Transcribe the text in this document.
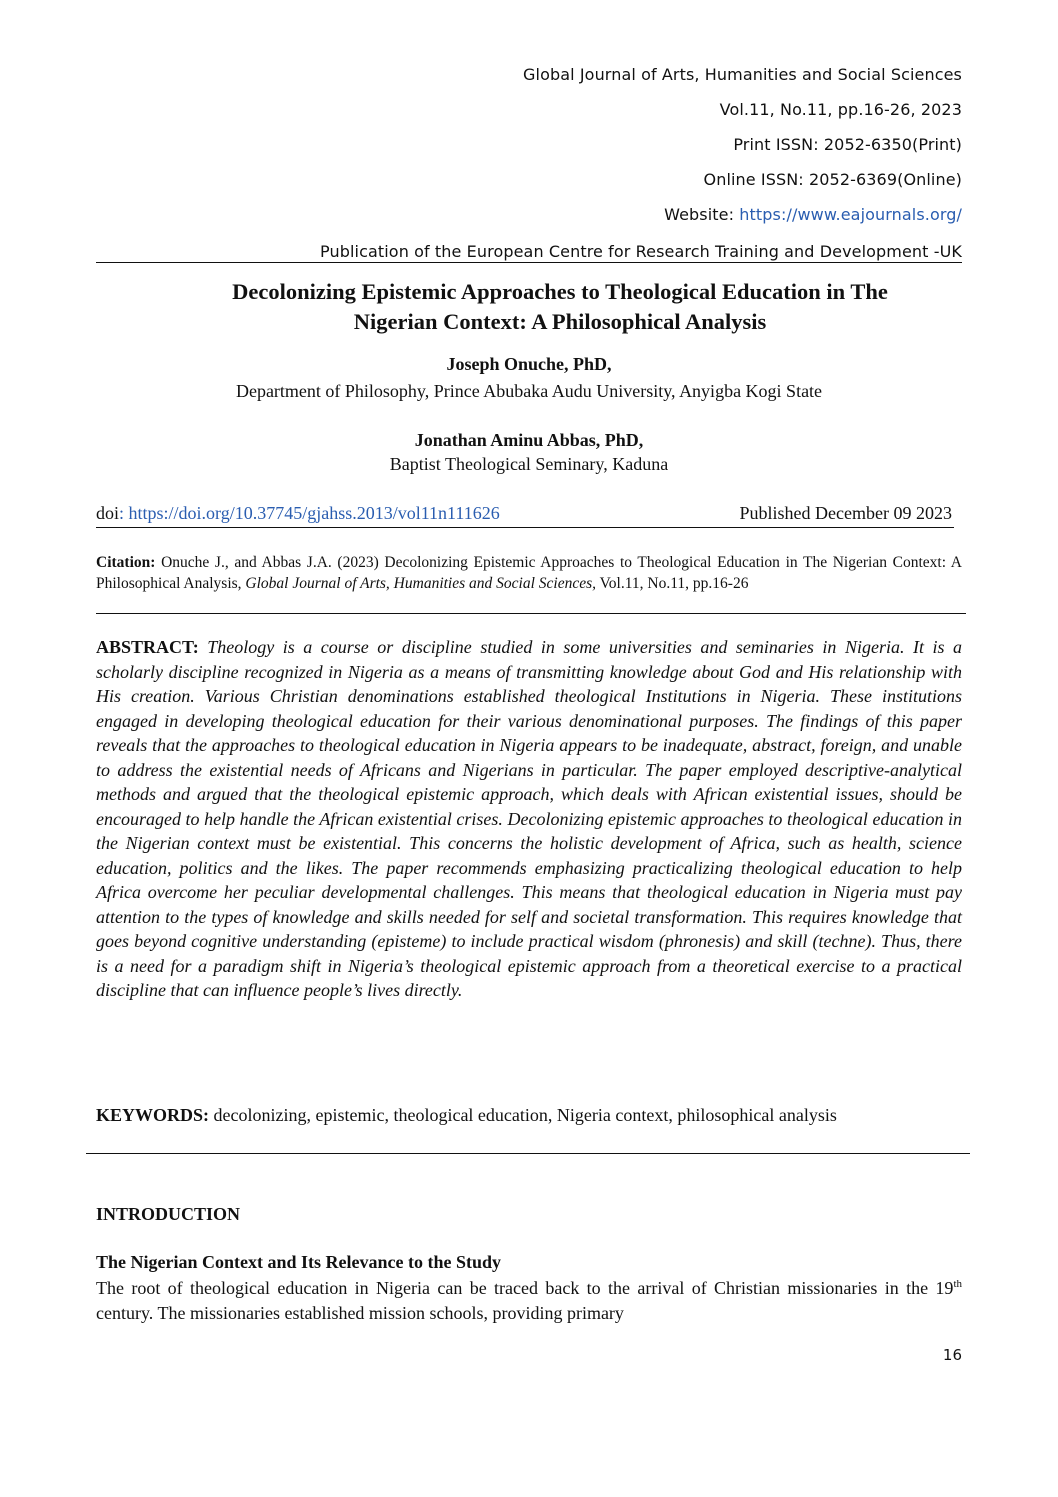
Global Journal of Arts, Humanities and Social Sciences
Vol.11, No.11, pp.16-26, 2023
Print ISSN: 2052-6350(Print)
Online ISSN: 2052-6369(Online)
Website: https://www.eajournals.org/
Publication of the European Centre for Research Training and Development -UK
Decolonizing Epistemic Approaches to Theological Education in The
Nigerian Context: A Philosophical Analysis
Joseph Onuche, PhD,
Department of Philosophy, Prince Abubaka Audu University, Anyigba Kogi State
Jonathan Aminu Abbas, PhD,
Baptist Theological Seminary, Kaduna
doi: https://doi.org/10.37745/gjahss.2013/vol11n111626	Published December 09 2023
Citation: Onuche J., and Abbas J.A. (2023) Decolonizing Epistemic Approaches to Theological Education in The Nigerian Context: A Philosophical Analysis, Global Journal of Arts, Humanities and Social Sciences, Vol.11, No.11, pp.16-26
ABSTRACT: Theology is a course or discipline studied in some universities and seminaries in Nigeria. It is a scholarly discipline recognized in Nigeria as a means of transmitting knowledge about God and His relationship with His creation. Various Christian denominations established theological Institutions in Nigeria. These institutions engaged in developing theological education for their various denominational purposes. The findings of this paper reveals that the approaches to theological education in Nigeria appears to be inadequate, abstract, foreign, and unable to address the existential needs of Africans and Nigerians in particular. The paper employed descriptive-analytical methods and argued that the theological epistemic approach, which deals with African existential issues, should be encouraged to help handle the African existential crises. Decolonizing epistemic approaches to theological education in the Nigerian context must be existential. This concerns the holistic development of Africa, such as health, science education, politics and the likes. The paper recommends emphasizing practicalizing theological education to help Africa overcome her peculiar developmental challenges. This means that theological education in Nigeria must pay attention to the types of knowledge and skills needed for self and societal transformation. This requires knowledge that goes beyond cognitive understanding (episteme) to include practical wisdom (phronesis) and skill (techne). Thus, there is a need for a paradigm shift in Nigeria’s theological epistemic approach from a theoretical exercise to a practical discipline that can influence people’s lives directly.
KEYWORDS: decolonizing, epistemic, theological education, Nigeria context, philosophical analysis
INTRODUCTION
The Nigerian Context and Its Relevance to the Study
The root of theological education in Nigeria can be traced back to the arrival of Christian missionaries in the 19th century. The missionaries established mission schools, providing primary
16
